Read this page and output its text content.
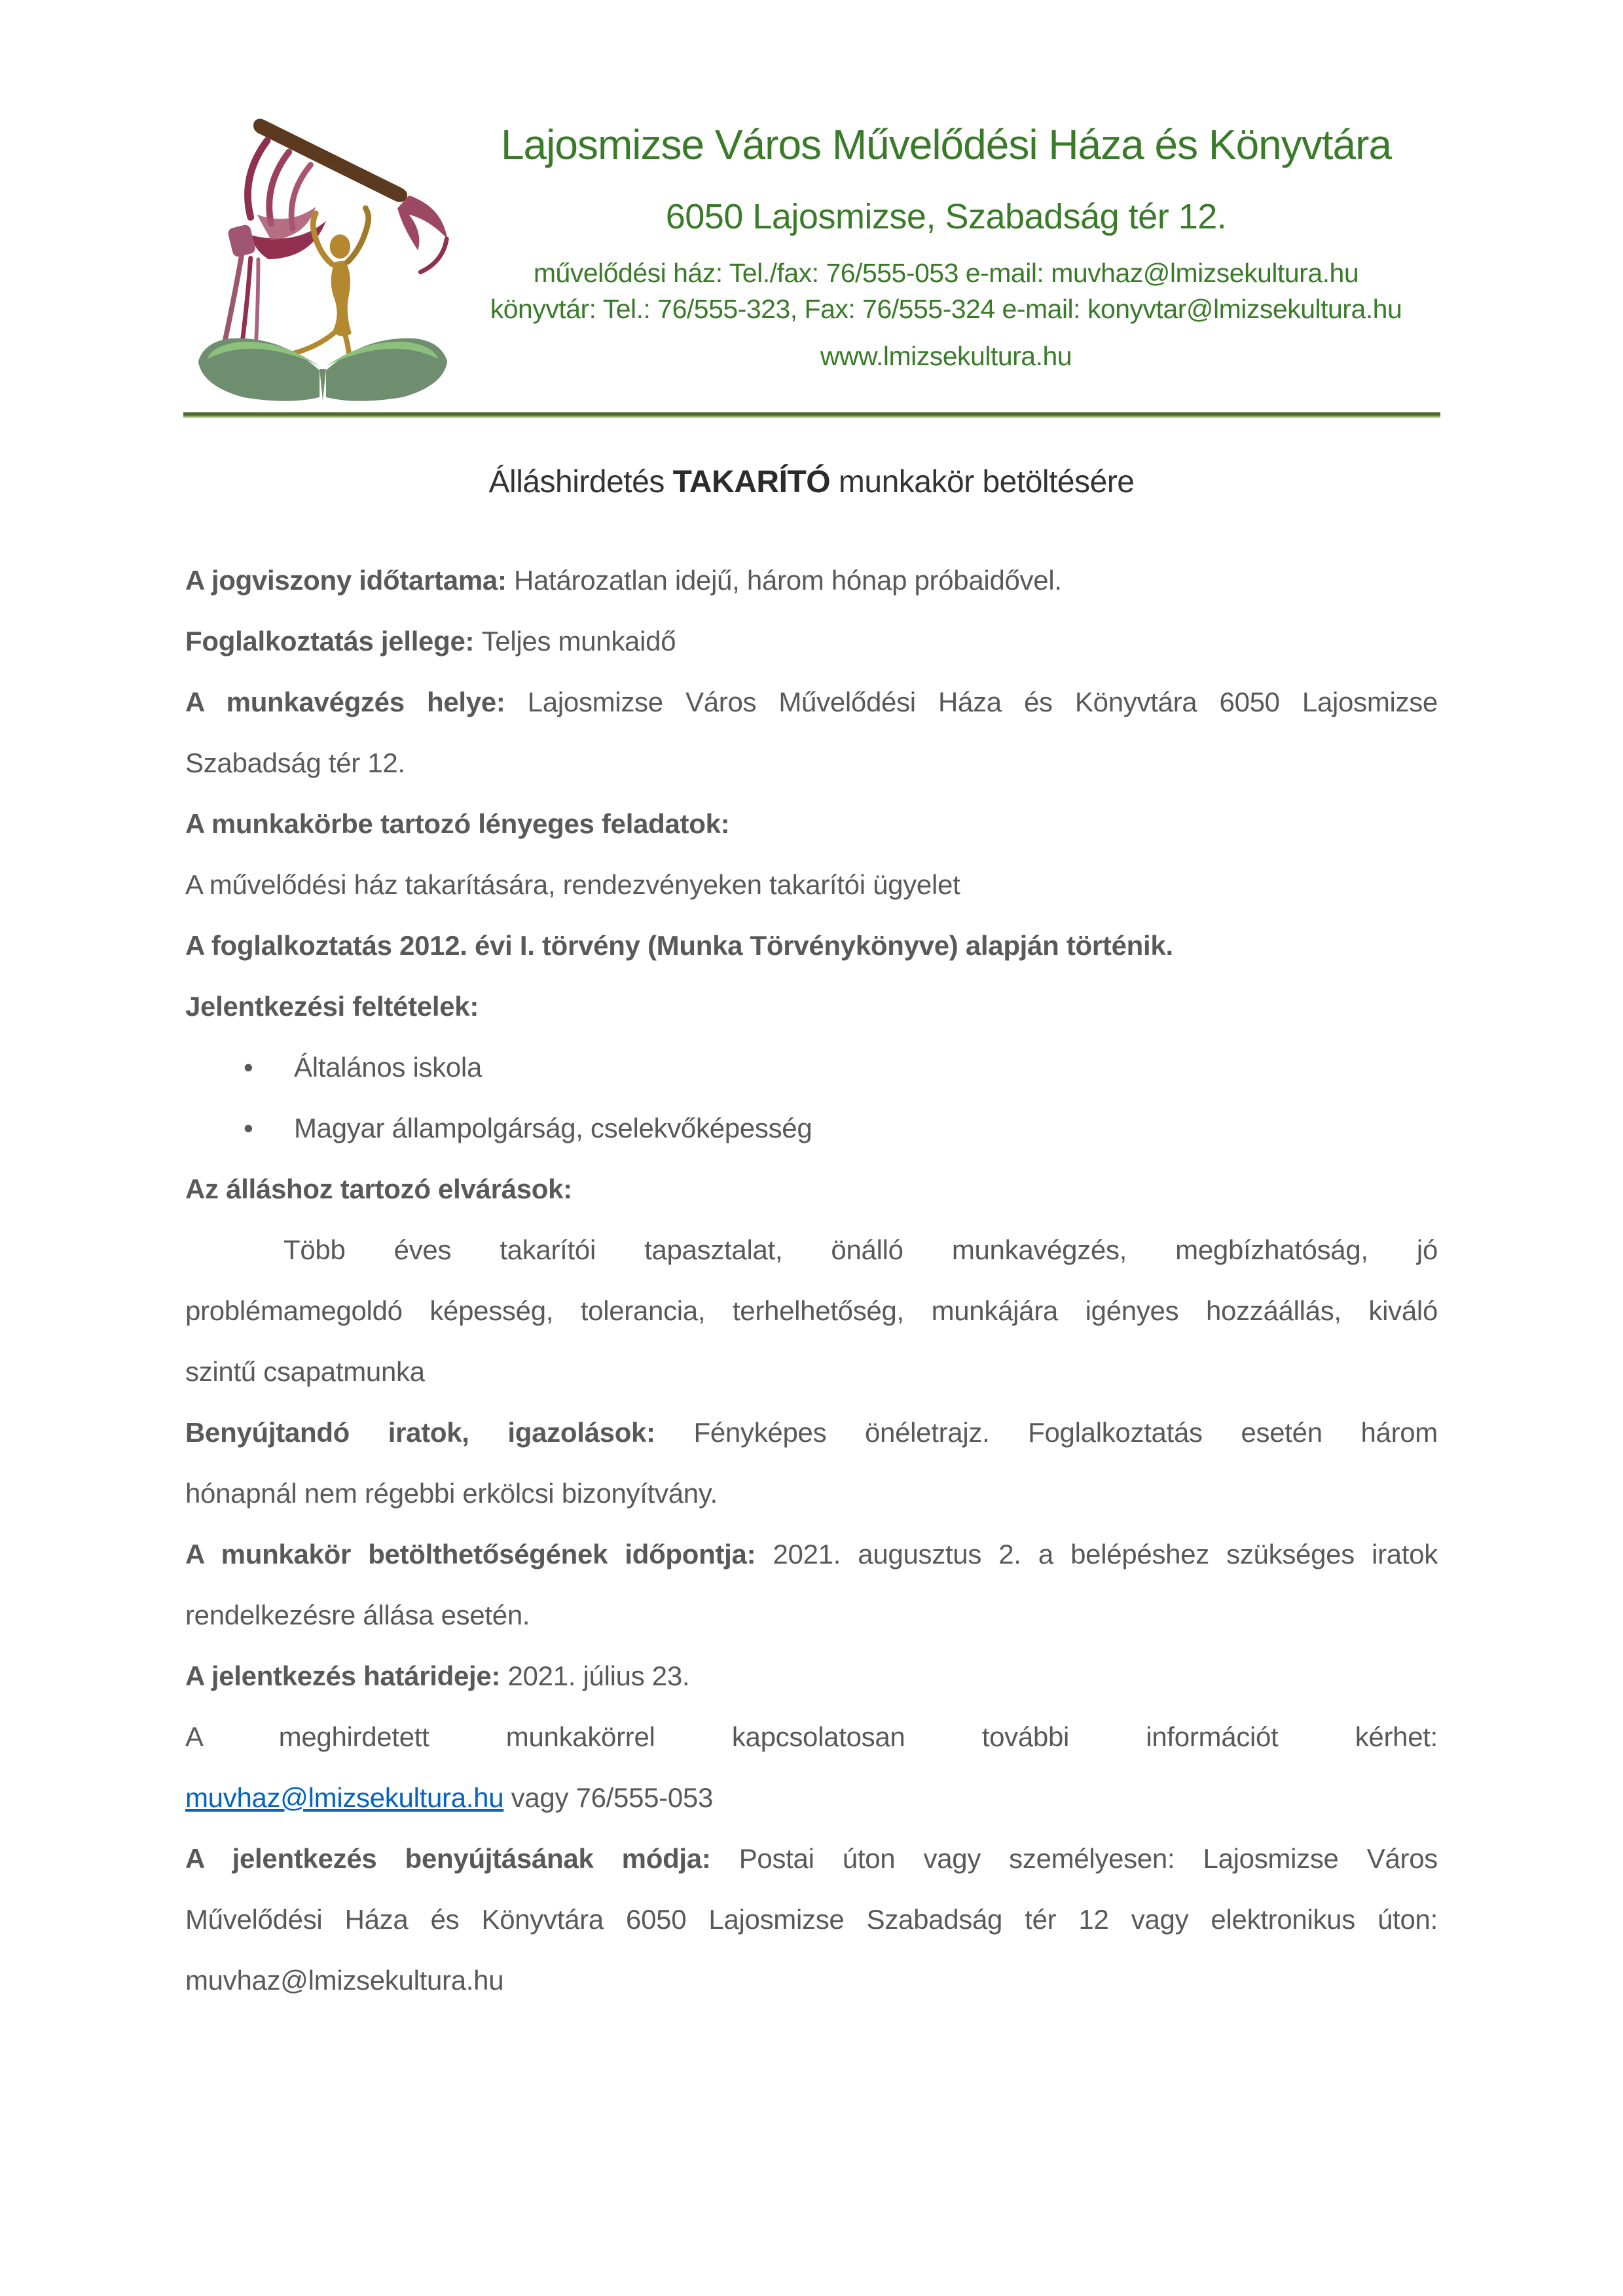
Lajosmizse Város Művelődési Háza és Könyvtára
6050 Lajosmizse, Szabadság tér 12.
művelődési ház: Tel./fax: 76/555-053 e-mail: muvhaz@lmizsekultura.hu
könyvtár: Tel.: 76/555-323, Fax: 76/555-324 e-mail: konyvtar@lmizsekultura.hu
www.lmizsekultura.hu
Álláshirdetés TAKARÍTÓ munkakör betöltésére
A jogviszony időtartama: Határozatlan idejű, három hónap próbaidővel.
Foglalkoztatás jellege: Teljes munkaidő
A munkavégzés helye: Lajosmizse Város Művelődési Háza és Könyvtára 6050 Lajosmizse
Szabadság tér 12.
A munkakörbe tartozó lényeges feladatok:
A művelődési ház takarítására, rendezvényeken takarítói ügyelet
A foglalkoztatás 2012. évi I. törvény (Munka Törvénykönyve) alapján történik.
Jelentkezési feltételek:
• Általános iskola
• Magyar állampolgárság, cselekvőképesség
Az álláshoz tartozó elvárások:
Több éves takarítói tapasztalat, önálló munkavégzés, megbízhatóság, jó
problémamegoldó képesség, tolerancia, terhelhetőség, munkájára igényes hozzáállás, kiváló
szintű csapatmunka
Benyújtandó iratok, igazolások: Fényképes önéletrajz. Foglalkoztatás esetén három
hónapnál nem régebbi erkölcsi bizonyítvány.
A munkakör betölthetőségének időpontja: 2021. augusztus 2. a belépéshez szükséges iratok
rendelkezésre állása esetén.
A jelentkezés határideje: 2021. július 23.
A meghirdetett munkakörrel kapcsolatosan további információt kérhet:
muvhaz@lmizsekultura.hu vagy 76/555-053
A jelentkezés benyújtásának módja: Postai úton vagy személyesen: Lajosmizse Város
Művelődési Háza és Könyvtára 6050 Lajosmizse Szabadság tér 12 vagy elektronikus úton:
muvhaz@lmizsekultura.hu
